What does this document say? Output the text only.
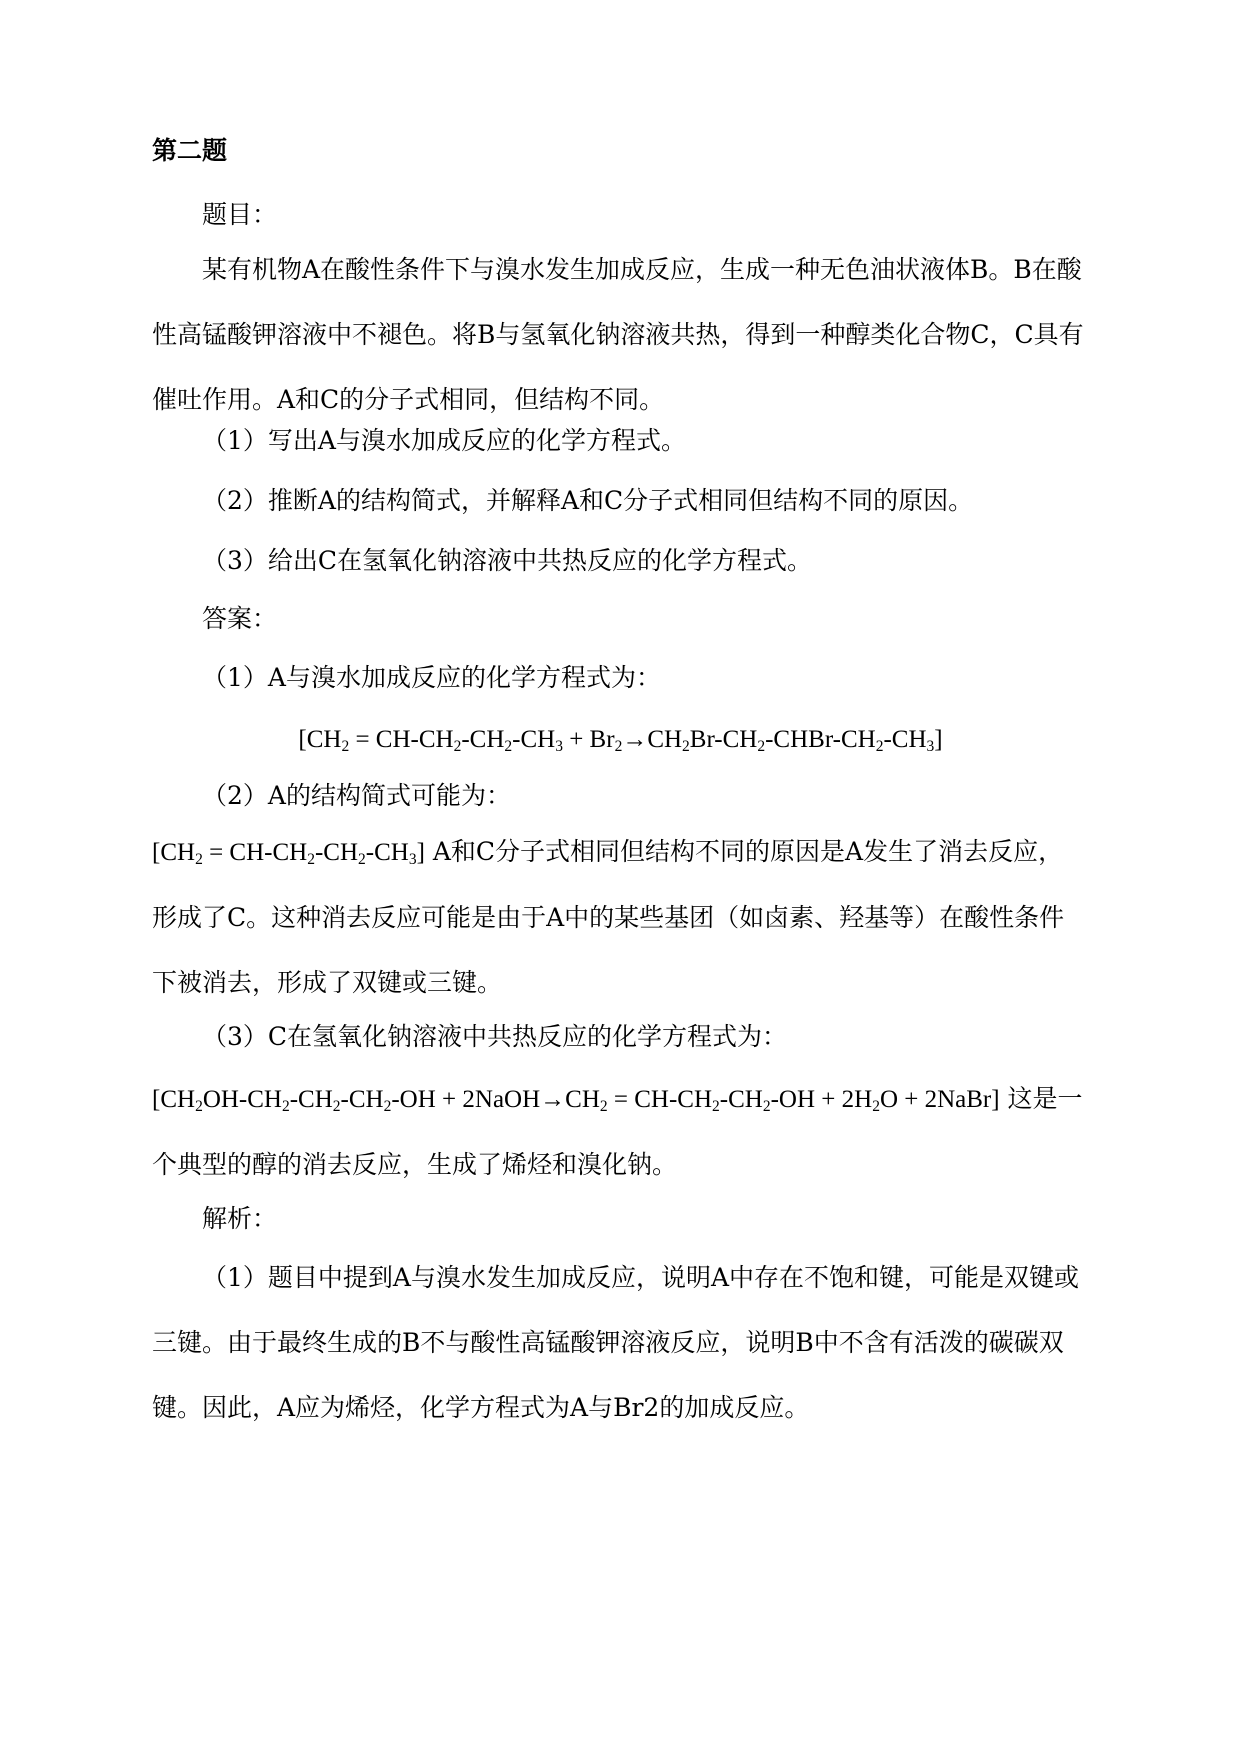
第二题
题目：
某有机物A在酸性条件下与溴水发生加成反应，生成一种无色油状液体B。B在酸性高锰酸钾溶液中不褪色。将B与氢氧化钠溶液共热，得到一种醇类化合物C，C具有催吐作用。A和C的分子式相同，但结构不同。
（1）写出A与溴水加成反应的化学方程式。
（2）推断A的结构简式，并解释A和C分子式相同但结构不同的原因。
（3）给出C在氢氧化钠溶液中共热反应的化学方程式。
答案：
（1）A与溴水加成反应的化学方程式为：
[$CH_2 = CH-CH_2-CH_2-CH_3$ + $Br_2\to CH_2Br-CH_2-CHBr-CH_2-CH_3$]
（2）A的结构简式可能为：
$[CH_2 = CH-CH_2-CH_2-CH_3]$ A和C分子式相同但结构不同的原因是A发生了消去反应，形成了C。这种消去反应可能是由于A中的某些基团（如卤素、羟基等）在酸性条件下被消去，形成了双键或三键。
（3）C在氢氧化钠溶液中共热反应的化学方程式为：
[$CH_2OH-CH_2-CH_2-CH_2-OH$ + $2NaOH\to CH_2 = CH-CH_2-CH_2-OH + 2H_2O$ + 2NaBr] 这是一个典型的醇的消去反应，生成了烯烃和溴化钠。
解析：
（1）题目中提到A与溴水发生加成反应，说明A中存在不饱和键，可能是双键或三键。由于最终生成的B不与酸性高锰酸钾溶液反应，说明B中不含有活泼的碳碳双键。因此，A应为烯烃，化学方程式为A与Br2的加成反应。
